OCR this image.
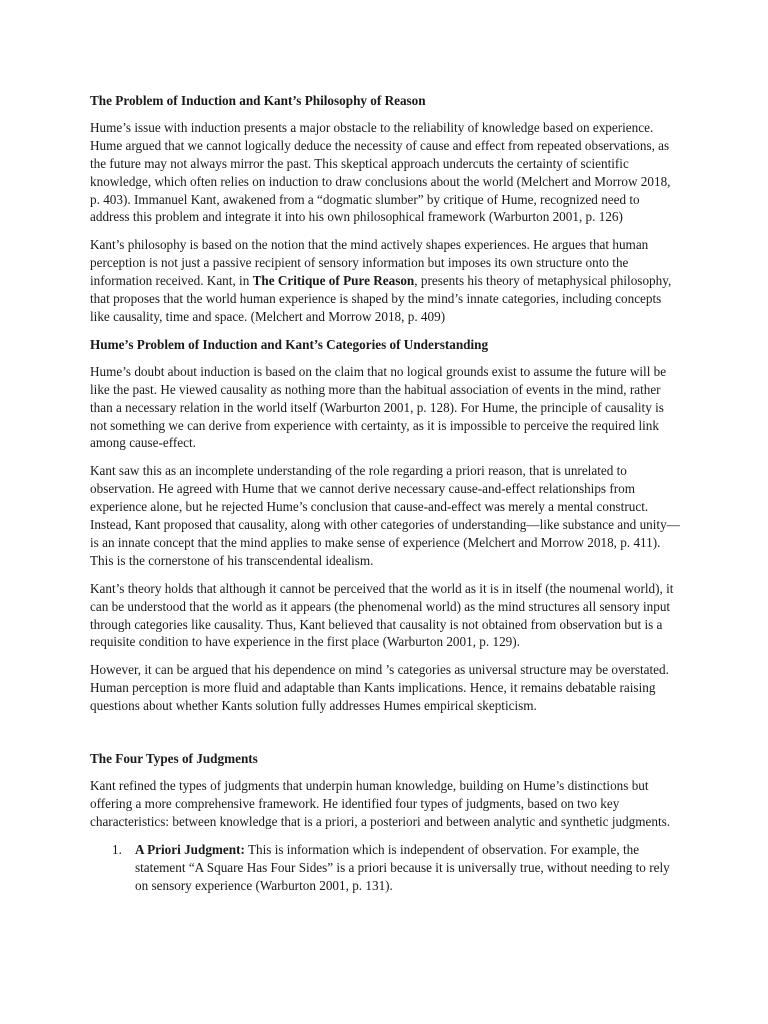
The Problem of Induction and Kant’s Philosophy of Reason

Hume’s issue with induction presents a major obstacle to the reliability of knowledge based on experience. Hume argued that we cannot logically deduce the necessity of cause and effect from repeated observations, as the future may not always mirror the past. This skeptical approach undercuts the certainty of scientific knowledge, which often relies on induction to draw conclusions about the world (Melchert and Morrow 2018, p. 403). Immanuel Kant, awakened from a “dogmatic slumber” by critique of Hume, recognized need to address this problem and integrate it into his own philosophical framework (Warburton 2001, p. 126)

Kant’s philosophy is based on the notion that the mind actively shapes experiences. He argues that human perception is not just a passive recipient of sensory information but imposes its own structure onto the information received. Kant, in The Critique of Pure Reason, presents his theory of metaphysical philosophy, that proposes that the world human experience is shaped by the mind’s innate categories, including concepts like causality, time and space. (Melchert and Morrow 2018, p. 409)

Hume’s Problem of Induction and Kant’s Categories of Understanding

Hume’s doubt about induction is based on the claim that no logical grounds exist to assume the future will be like the past. He viewed causality as nothing more than the habitual association of events in the mind, rather than a necessary relation in the world itself (Warburton 2001, p. 128). For Hume, the principle of causality is not something we can derive from experience with certainty, as it is impossible to perceive the required link among cause-effect.

Kant saw this as an incomplete understanding of the role regarding a priori reason, that is unrelated to observation. He agreed with Hume that we cannot derive necessary cause-and-effect relationships from experience alone, but he rejected Hume’s conclusion that cause-and-effect was merely a mental construct. Instead, Kant proposed that causality, along with other categories of understanding—like substance and unity—is an innate concept that the mind applies to make sense of experience (Melchert and Morrow 2018, p. 411). This is the cornerstone of his transcendental idealism.

Kant’s theory holds that although it cannot be perceived that the world as it is in itself (the noumenal world), it can be understood that the world as it appears (the phenomenal world) as the mind structures all sensory input through categories like causality. Thus, Kant believed that causality is not obtained from observation but is a requisite condition to have experience in the first place (Warburton 2001, p. 129).

However, it can be argued that his dependence on mind ’s categories as universal structure may be overstated. Human perception is more fluid and adaptable than Kants implications. Hence, it remains debatable raising questions about whether Kants solution fully addresses Humes empirical skepticism.

The Four Types of Judgments

Kant refined the types of judgments that underpin human knowledge, building on Hume’s distinctions but offering a more comprehensive framework. He identified four types of judgments, based on two key characteristics: between knowledge that is a priori, a posteriori and between analytic and synthetic judgments.

1. A Priori Judgment: This is information which is independent of observation. For example, the statement “A Square Has Four Sides” is a priori because it is universally true, without needing to rely on sensory experience (Warburton 2001, p. 131).
